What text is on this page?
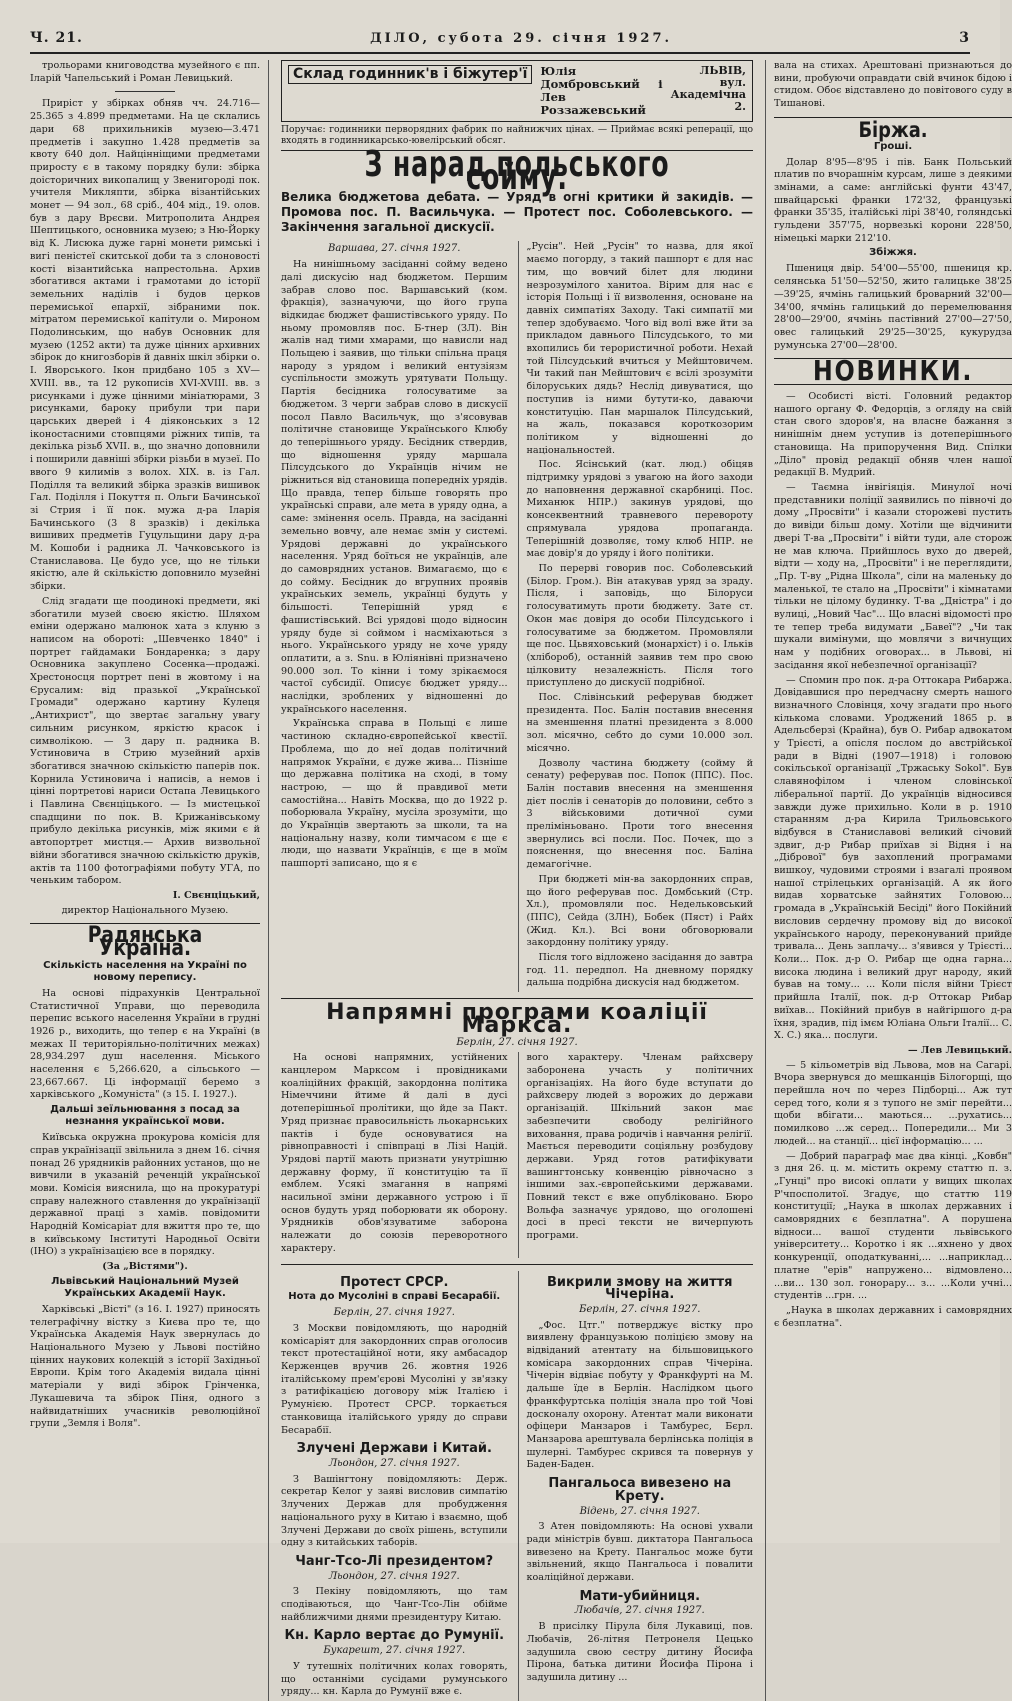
Ч. 21.	ДІЛО, субота 29. січня 1927.	3

трольорами книговодства музейного є пп. Іларій Чапельський і Роман Левицький.

Приріст у збірках обняв чч. 24.716—25.365 з 4.899 предметами. На це склались дари 68 прихильників музею—3.471 предметів і закупно 1.428 предметів за квоту 640 дол. Найцінніщими предметами приросту є в такому порядку були: збірка доісторичних викопалищ у Звенигороді пок. учителя Микляпти, збірка візантійських монет — 94 зол., 68 сріб., 404 мід., 19. олов. був з дару Врєсви. Митрополита Андрея Шептицького, основника музею; з Ню-Йорку від К. Лисюка дуже гарні монети римські і вигі пеністеї скитської доби та з слоновості кості візантийська напрестольна. Архив збогатився актами і грамотами до історії земельних наділів і будов церков перемиської епархії, зібраними пок. мітратом перемиської капітули о. Мироном Подолинським, що набув Основник для музею (1252 акти) та дуже цінних архивних збірок до книгозборів й давніх шкіл збірки о. І. Яворського. Ікон придбано 105 з XV—XVIII. вв., та 12 рукописів XVI-XVIII. вв. з рисунками і дуже цінними мініатюрами, 3 рисунками, бароку прибули три пари царських дверей і 4 діяконських з 12 іконостасними стовпцями ріжних типів, та декілька різьб XVII. в., що значно доповнили і поширили давніші збірки різьби в музеї. По ввого 9 килимів з волох. XIX. в. із Гал. Поділля та великий збірка зразків вишивок Гал. Поділля і Покуття п. Ольги Бачинської зі Стрия і її пок. мужа д-ра Іларія Бачинського (3 8 зразків) і декілька вишивих предметів Гуцульщини дару д-ра М. Кошоби і радника Л. Чачковського із Станиславова. Це будо усе, що не тільки якістю, але й скількістю доповнило музейні збірки.

Слід згадати ще поодинокі предмети, які збогатили музей своєю якістю. Шляхом еміни одержано малюнок хата з клуню з написом на обороті: „Шевченко 1840" і портрет гайдамаки Бондаренка; з дару Основника закуплено Сосенка—продажі. Хрестоносця портрет пені в жовтому і на Єрусалим: від празької „Української Громади" одержано картину Кулеця „Антихрист", що звертає загальну увагу сильним рисунком, яркістю красок і символікою. — З дару п. радника В. Устиновича в Стрию музейний архів збогатився значною скількістю паперів пок. Корнила Устиновича і написів, а немов і цінні портретові нариси Остапа Левицького і Павлина Свєнціцького. — Із мистецької спадщини по пок. В. Крижанівському прибуло декілька рисунків, між якими є й автопортрет мистця.— Архив визвольної війни збогатився значною скількістю друків, актів та 1100 фотографіями побуту УГА, по ченьким табором.

І. Свєнціцький,
директор Національного Музею.
Радянська Україна.
Скількість населення на Україні по новому перепису.

На основі підрахунків Центральної Статистичної Управи, що переводила перепис вського населення України в грудні 1926 р., виходить, що тепер є на Україні (в межах ІІ територіяльно-політичних межах) 28,934.297 душ населення. Міського населення є 5,266.620, а сільського — 23,667.667. Ці інформації беремо з харківського „Комуніста" (з 15. І. 1927.).

Дальші зеїльнювання з посад за незнання української мови.

Київська окружна прокурова комісія для справ українізації звільнила з днем 16. січня понад 26 урядників районних установ, що не вивчили в указаній реченцій української мови. Комісія вияснила, що на прокуратурі справу належного ставлення до українізації державної праці з хамів. повідомити Народній Комісаріат для вжиття про те, що в київському Інституті Народньої Освіти (ІНО) з українізацією все в порядку.

(За „Вістями").
Львівський Національний Музей Українських Академії Наук.

Харківські „Вісті" (з 16. І. 1927) приносять телеграфічну вістку з Києва про те, що Українська Академія Наук звернулась до Національного Музею у Львові постійно цінних наукових колекцій з історії Західньої Европи. Крім того Академія видала цінні матеріали у виді збірок Грінченка, Лукашевича та збірок Піня, одного з найвидатніших учасників революційної групи „Земля і Воля".

Склад годинник'в і біжутер'ї	Юлія Домбровський і Лев Роззажевський
ЛЬВІВ,
вул. Академічна 2.
Поручає: годинники перворядних фабрик по найнижчих цінах. — Приймає всякі реперації, що входять в годинникарсько-ювелірський обсяг.
З нарад польського сойму.
Велика бюджетова дебата. — Уряд в огні критики й закидів. — Промова пос. П. Васильчука. — Протест пос. Соболевського. — Закінчення загальної дискусії.
Варшава, 27. січня 1927.

На нинішньому засіданні сойму ведено далі дискусію над бюджетом. Першим забрав слово пос. Варшавський (ком. фракція), зазначуючи, що його група відкидає бюджет фашистівського уряду. По ньому промовляв пос. Б-тнер (ЗЛ). Він жалів над тими хмарами, що нависли над Польщею і заявив, що тільки спільна праця народу з урядом і великий ентузіязм суспільности зможуть урятувати Польщу. Партія бесідника голосуватиме за бюджетом. З черги забрав слово в дискусії посол Павло Васильчук, що з'ясовував політичне становище Українського Клюбу до теперішнього уряду. Бесідник ствердив, що відношення уряду маршала Пілсудського до Українців нічим не ріжниться від становища попередніх урядів. Що правда, тепер більше говорять про українські справи, але мета в уряду одна, а саме: змінення осель. Правда, на засіданні земельно вовчу, але немає змін у системі. Урядові державні до українського населення. Уряд боїться не українців, але до самоврядних установ. Вимагаємо, що є до сойму. Бесідник до вгрупних проявів українських земель, українці будуть у більшості. Теперішній уряд є фашистівський. Всі урядові щодо відносин уряду буде зі соймом і насміхаються з нього. Українського уряду не хоче уряду оплатити, а з. Snu. в Юліянівні призначено 90.000 зол. То кінни і тому зрікаємося частої субсидії. Описує бюджет уряду... наслідки, зроблених у відношенні до українського населення.

Українська справа в Польщі є лише частиною складно-європейської квестії. Проблема, що до неї додав політичний напрямок України, є дуже жива... Пізніше що державна політика на сході, в тому настрою, — що й правдивої мети самостійна... Навіть Москва, що до 1922 р. поборювала Україну, мусіла зрозуміти, що до Українців звертають за школи, та на національну назву, коли тимчасом є ще є люди, що назвати Українців, є ще в моїм пашпорті записано, що я є

„Русін". Ней „Русін" то назва, для якої маємо погорду, з такий пашпорт є для нас тим, що вовчий білет для людини незрозумілого ханитоа. Вірим для нас є історія Польщі і її визволення, основане на давніх симпатіях Заходу. Такі симпатії ми тепер здобуваємо. Чого від волі вже йти за прикладом давнього Пілсудського, то ми вхопились би терористичної роботи. Нехай той Пілсудський вчиться у Мейштовичем. Чи такий пан Мейштович є всілі зрозуміти білоруських дядь? Неслід дивуватися, що поступив із ними бутути-ко, даваючи конституцію. Пан маршалок Пілсудський, на жаль, показався короткозорим політиком у відношенні до національностей.

Пос. Ясінський (кат. люд.) обіцяв підтримку урядові з увагою на його заходи до наповнення державної скарбниці. Пос. Миханюк НПР.) закинув урядові, що консеквентний травневого перевороту спрямувала урядова пропаганда. Теперішній дозволяє, тому клюб НПР. не має довір'я до уряду і його політики.

По перерві говорив пос. Соболевський (Білор. Гром.). Він атакував уряд за зраду. Після, і заповідь, що Білоруси голосуватимуть проти бюджету. Зате ст. Окон має довіря до особи Пілсудського і голосуватиме за бюджетом. Промовляли ще пос. Цьвяховський (монархіст) і о. Ільків (хлібороб), останній заявив тем про свою цілковиту незалежність. Після того приступлено до дискусії подрібної.

Пос. Слівінський реферував бюджет президента. Пос. Балін поставив внесення на зменшення платні президента з 8.000 зол. місячно, себто до суми 10.000 зол. місячно.

Дозволу частина бюджету (сойму й сенату) реферував пос. Попок (ППС). Пос. Балін поставив внесення на зменшення дієт послів і сенаторів до половини, себто з 3 військовими дотичної суми преліміньовано. Проти того внесення звернулись всі посли. Пос. Почек, що з пояснення, що внесення пос. Баліна демагогічне.

При бюджеті мін-ва закордонних справ, що його реферував пос. Домбський (Стр. Хл.), промовляли пос. Недельковський (ППС), Сейда (ЗЛН), Бобек (Пяст) і Райх (Жид. Кл.). Всі вони обговорювали закордонну політику уряду.

Після того відложено засідання до завтра год. 11. передпол. На дневному порядку дальша подрібна дискусія над бюджетом.

Напрямні програми коаліції Маркса.
Берлін, 27. січня 1927.

На основі напрямних, устійнених канцлером Марксом і провідниками коаліційних фракцій, закордонна політика Німеччини йтиме й далі в дусі дотеперішньої пролітики, що йде за Пакт. Уряд признає правосильність льокарнських пактів і буде основуватися на рівноправності і співпраці в Лізі Націй. Урядові партії мають признати унутрішню державну форму, її конституцію та її емблем. Усякі змагання в напрямі насильної зміни державного устрою і її основ будуть уряд поборювати як оборону. Урядників обов'язуватиме заборона належати до союзів переворотного характеру.

вого характеру. Членам райхсверу заборонена участь у політичних організаціях. На його буде вступати до райхсверу людей з ворожих до держави організацій. Шкільний закон має забезпечити свободу релігійного виховання, права родичів і навчання релігії. Мається переводити соціяльну розбудову держави. Уряд готов ратифікувати вашингтонську конвенцію рівночасно з іншими зах.-європейськими державами. Повний текст є вже опубліковано. Бюро Вольфа зазначує урядово, що оголошені досі в пресі тексти не вичерпують програми.

Протест СРСР.
Нота до Мусоліні в справі Бесарабії.
Берлін, 27. січня 1927.

З Москви повідомляють, що народній комісаріят для закордонних справ оголосив текст протестаційної ноти, яку амбасадор Керженцев вручив 26. жовтня 1926 італійському прем'єрові Мусоліні у зв'язку з ратифікацією договору між Італією і Румунією. Протест СРСР. торкається станковища італійського уряду до справи Бесарабії.

Злучені Держави і Китай.
Льондон, 27. січня 1927.

З Вашінгтону повідомляють: Держ. секретар Келог у заяві висловив симпатію Злучених Держав для пробудження національного руху в Китаю і взаємно, щоб Злучені Держави до своїх рішень, вступили одну з китайських таборів.

Чанг-Тсо-Лі президентом?
Льондон, 27. січня 1927.

З Пекіну повідомляють, що там сподіваються, що Чанг-Тсо-Лін обійме найближчими днями президентуру Китаю.

Кн. Карло вертає до Румунії.
Букарешт, 27. січня 1927.

У тутешніх політичних колах говорять, що останніми сусідами румунського уряду... кн. Карла до Румунії вже є.

Викрили змову на життя Чічеріна.
Берлін, 27. січня 1927.

„Фос. Цтг." потверджує вістку про виявлену французькою поліцією змову на відвіданий атентату на більшовицького комісара закордонних справ Чічеріна. Чічерін відвіає побуту у Франкфурті на М. дальше їде в Берлін. Наслідком цього франкфуртська поліція знала про той Чові досконалу охорону. Атентат мали виконати офіцери Манзаров і Тамбурес, Бєрл. Манзарова арештувала берлінська поліція в шулерні. Тамбурес скрився та повернув у Баден-Баден.

Пангальоса вивезено на Крету.
Відень, 27. січня 1927.

З Атен повідомляють: На основі ухвали ради міністрів бувш. диктатора Пангальоса вивезено на Крету. Пангальос може бути звільнений, якщо Пангальоса і повалити коаліційної держави.

Мати-убийниця.
Любачів, 27. січня 1927.

В присілку Пірула біля Лукавиці, пов. Любачів, 26-літня Петронеля Цецько задушила свою сестру дитину Йосифа Пірона, батька дитини Йосифа Пірона і задушила дитину ...

вала на стихах. Арештовані признаються до вини, пробуючи оправдати свій вчинок бідою і стидом. Обоє відставлено до повітового суду в Тишанові.

Біржа.
Гроші.

Долар 8'95—8'95 і пів. Банк Польський платив по вчорашнім курсам, лише з деякими змінами, а саме: англійські фунти 43'47, швайцарські франки 172'32, французькі франки 35'35, італійські лірі 38'40, голяндські гульдени 357'75, норвезькі корони 228'50, німецькі марки 212'10.

Збіжжя.

Пшениця двір. 54'00—55'00, пшениця кр. селянська 51'50—52'50, жито галицьке 38'25—39'25, ячмінь галицький броварний 32'00—34'00, ячмінь галицький до перемелювання 28'00—29'00, ячмінь пастівний 27'00—27'50, овес галицький 29'25—30'25, кукурудза румунська 27'00—28'00.

НОВИНКИ.

— Особисті вісті. Головний редактор нашого органу Ф. Федорців, з огляду на свій стан свого здоров'я, на власне бажання з нинішнім днем уступив із дотеперішнього становища. На припоручення Вид. Спілки „Діло" провід редакції обняв член нашої редакції В. Мудрий.

— Таємна інвігіяція. Минулої ночі представники поліції заявились по півночі до дому „Просвіти" і казали сторожеві пустить до вивіди більш дому. Хотіли ще відчинити двері Т-ва „Просвіти" і війти туди, але сторож не мав ключа. Прийшлось вухо до дверей, відти — ходу на, „Просвіти" і не переглядити, „Пр. Т-ву „Рідна Школа", сіли на маленьку до маленької, те стало на „Просвіти" і кімнатами тільки не цілому будинку. Т-ва „Дністра" і до вулиці, „Новий Час"... Що власні відомості про те тепер треба видумати „Бавеї"? „Чи так шукали вимінуми, що мовлячи з вичнущих нам у подібних оговорах... в Львові, ні засідання якої небезпечної організації?

— Спомин про пок. д-ра Оттокара Рибаржа. Довідавшися про передчасну смерть нашого визначного Словінця, хочу згадати про нього кількома словами. Уроджений 1865 р. в Адельсберзі (Крайна), був О. Рибар адвокатом у Трієсті, а опісля послом до австрійської ради в Відні (1907—1918) і головою сокільської організації „Тржаську Sokol". Був славянофілом і членом словінської ліберальної партії. До українців відносився завжди дуже прихильно. Коли в р. 1910 старанням д-ра Кирила Трильовського відбувся в Станиславові великий січовий здвиг, д-р Рибар приїхав зі Відня і на „Дібрової" був захоплений програмами вишкоу, чудовими строями і взагалі проявом нашої стрілецьких організацій. А як його видав хорватське зайнятих Головою... громада в „Українській Бесіді" його Покійний висловив сердечну промову від до високої українського народу, переконуваний прийде тривала... День заплачу... з'явився у Трієсті... Коли... Пок. д-р О. Рибар ще одна гарна... висока людина і великий друг народу, який бував на тому... ... Коли після війни Трієст прийшла Італії, пок. д-р Оттокар Рибар виїхав... Покійний прибув в найгіршого д-ра їхня, зрадив, під імєм Юліана Ольги Італії... С. Х. С.) яка... послуги.

— Лев Левицький.

— 5 кільометрів від Львова, мов на Сагарі. Вчора звернувся до мешканців Білогорщі, що перейшла ноч по через Підборці... Аж тут серед того, коли я з тупого не зміг перейти... щоби вбігати... маються... ...рухатись... помилково ...ж серед... Попередили... Ми 3 людей... на станції... цієї інформацію... ...

— Добрий параграф має два кінці. „Ковбн" з дня 26. ц. м. містить окрему статтю п. з. „Гунці" про високі оплати у вищих школах Р'чпосполитої. Згадує, що статтю 119 конституції; „Наука в школах державних і самоврядних є безплатна". А порушена відноси... вашої студенти львівського університету... Коротко і як ...яхнено у двох конкуренції, оподаткуванні,... ...наприклад... платне "ерів" напружено... відмовлено... ...ви... 130 зол. гонорару... з... ...Коли учні... студентів ...грн. ...

„Наука в школах державних і самоврядних є безплатна".
